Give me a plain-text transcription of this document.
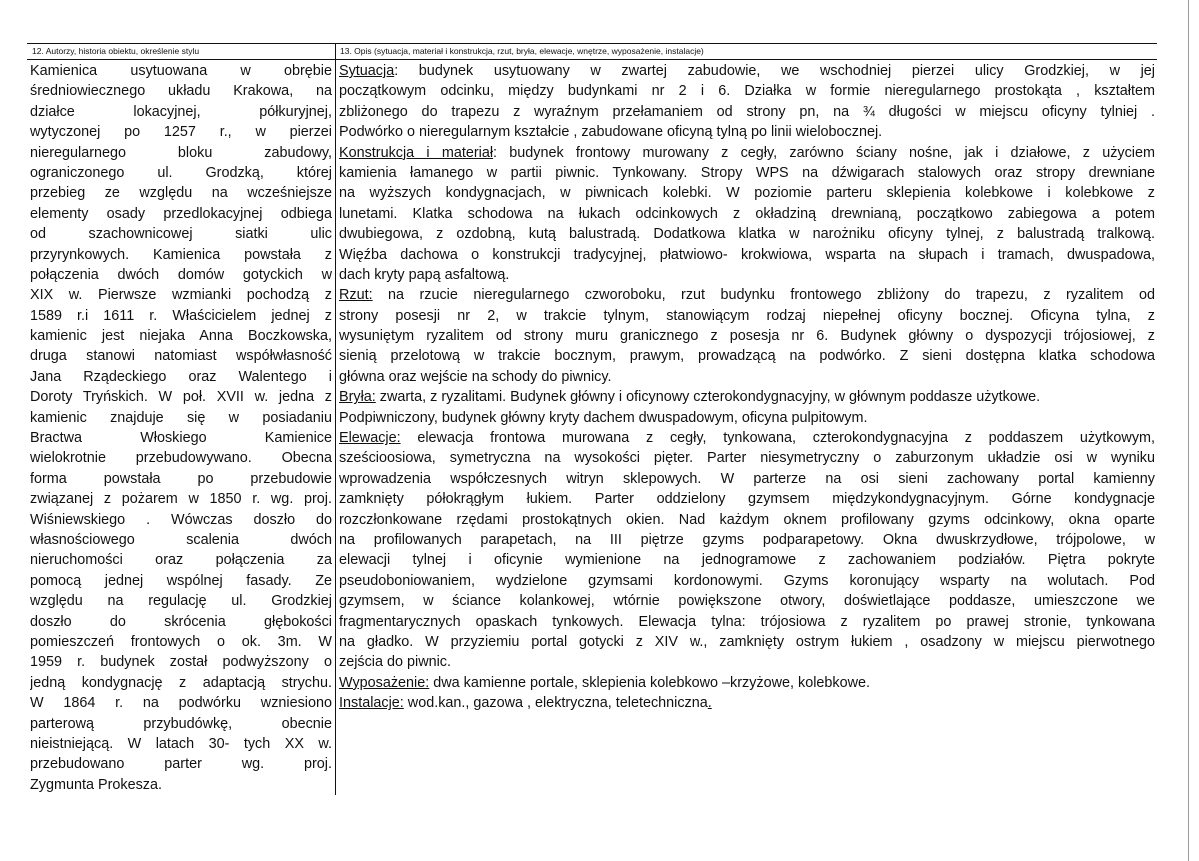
12. Autorzy, historia obiektu, określenie stylu	13. Opis (sytuacja, materiał i konstrukcja, rzut, bryła, elewacje, wnętrze, wyposażenie, instalacje)
Kamienica usytuowana w obrębie
średniowiecznego układu Krakowa, na
działce lokacyjnej, półkuryjnej,
wytyczonej po 1257 r., w pierzei
nieregularnego bloku zabudowy,
ograniczonego ul. Grodzką, której
przebieg ze względu na wcześniejsze
elementy osady przedlokacyjnej odbiega
od szachownicowej siatki ulic
przyrynkowych. Kamienica powstała z
połączenia dwóch domów gotyckich w
XIX w. Pierwsze wzmianki pochodzą z
1589 r.i 1611 r. Właścicielem jednej z
kamienic jest niejaka Anna Boczkowska,
druga stanowi natomiast współwłasność
Jana Rządeckiego oraz Walentego i
Doroty Tryńskich. W poł. XVII w. jedna z
kamienic znajduje się w posiadaniu
Bractwa Włoskiego Kamienice
wielokrotnie przebudowywano. Obecna
forma powstała po przebudowie
związanej z pożarem w 1850 r. wg. proj.
Wiśniewskiego . Wówczas doszło do
własnościowego scalenia dwóch
nieruchomości oraz połączenia za
pomocą jednej wspólnej fasady. Ze
względu na regulację ul. Grodzkiej
doszło do skrócenia głębokości
pomieszczeń frontowych o ok. 3m. W
1959 r. budynek został podwyższony o
jedną kondygnację z adaptacją strychu.
W 1864 r. na podwórku wzniesiono
parterową przybudówkę, obecnie
nieistniejącą. W latach 30- tych XX w.
przebudowano parter wg. proj.
Zygmunta Prokesza.
Sytuacja: budynek usytuowany w zwartej zabudowie, we wschodniej pierzei ulicy Grodzkiej, w jej
początkowym odcinku, między budynkami nr 2 i 6. Działka w formie nieregularnego prostokąta , kształtem
zbliżonego do trapezu z wyraźnym przełamaniem od strony pn, na ¾ długości w miejscu oficyny tylniej .
Podwórko o nieregularnym kształcie , zabudowane oficyną tylną po linii wielobocznej.
Konstrukcja i materiał: budynek frontowy murowany z cegły, zarówno ściany nośne, jak i działowe, z użyciem
kamienia łamanego w partii piwnic. Tynkowany. Stropy WPS na dźwigarach stalowych oraz stropy drewniane
na wyższych kondygnacjach, w piwnicach kolebki. W poziomie parteru sklepienia kolebkowe i kolebkowe z
lunetami. Klatka schodowa na łukach odcinkowych z okładziną drewnianą, początkowo zabiegowa a potem
dwubiegowa, z ozdobną, kutą balustradą. Dodatkowa klatka w narożniku oficyny tylnej, z balustradą tralkową.
Więźba dachowa o konstrukcji tradycyjnej, płatwiowo- krokwiowa, wsparta na słupach i tramach, dwuspadowa,
dach kryty papą asfaltową.
Rzut: na rzucie nieregularnego czworoboku, rzut budynku frontowego zbliżony do trapezu, z ryzalitem od
strony posesji nr 2, w trakcie tylnym, stanowiącym rodzaj niepełnej oficyny bocznej. Oficyna tylna, z
wysuniętym ryzalitem od strony muru granicznego z posesja nr 6. Budynek główny o dyspozycji trójosiowej, z
sienią przelotową w trakcie bocznym, prawym, prowadzącą na podwórko. Z sieni dostępna klatka schodowa
główna oraz wejście na schody do piwnicy.
Bryła: zwarta, z ryzalitami. Budynek główny i oficynowy czterokondygnacyjny, w głównym poddasze użytkowe.
Podpiwniczony, budynek główny kryty dachem dwuspadowym, oficyna pulpitowym.
Elewacje: elewacja frontowa murowana z cegły, tynkowana, czterokondygnacyjna z poddaszem użytkowym,
sześcioosiowa, symetryczna na wysokości pięter. Parter niesymetryczny o zaburzonym układzie osi w wyniku
wprowadzenia współczesnych witryn sklepowych. W parterze na osi sieni zachowany portal kamienny
zamknięty półokrągłym łukiem. Parter oddzielony gzymsem międzykondygnacyjnym. Górne kondygnacje
rozczłonkowane rzędami prostokątnych okien. Nad każdym oknem profilowany gzyms odcinkowy, okna oparte
na profilowanych parapetach, na III piętrze gzyms podparapetowy. Okna dwuskrzydłowe, trójpolowe, w
elewacji tylnej i oficynie wymienione na jednogramowe z zachowaniem podziałów. Piętra pokryte
pseudoboniowaniem, wydzielone gzymsami kordonowymi. Gzyms koronujący wsparty na wolutach. Pod
gzymsem, w ściance kolankowej, wtórnie powiększone otwory, doświetlające poddasze, umieszczone we
fragmentarycznych opaskach tynkowych. Elewacja tylna: trójosiowa z ryzalitem po prawej stronie, tynkowana
na gładko. W przyziemiu portal gotycki z XIV w., zamknięty ostrym łukiem , osadzony w miejscu pierwotnego
zejścia do piwnic.
Wyposażenie: dwa kamienne portale, sklepienia kolebkowo –krzyżowe, kolebkowe.
Instalacje: wod.kan., gazowa , elektryczna, teletechniczna.
